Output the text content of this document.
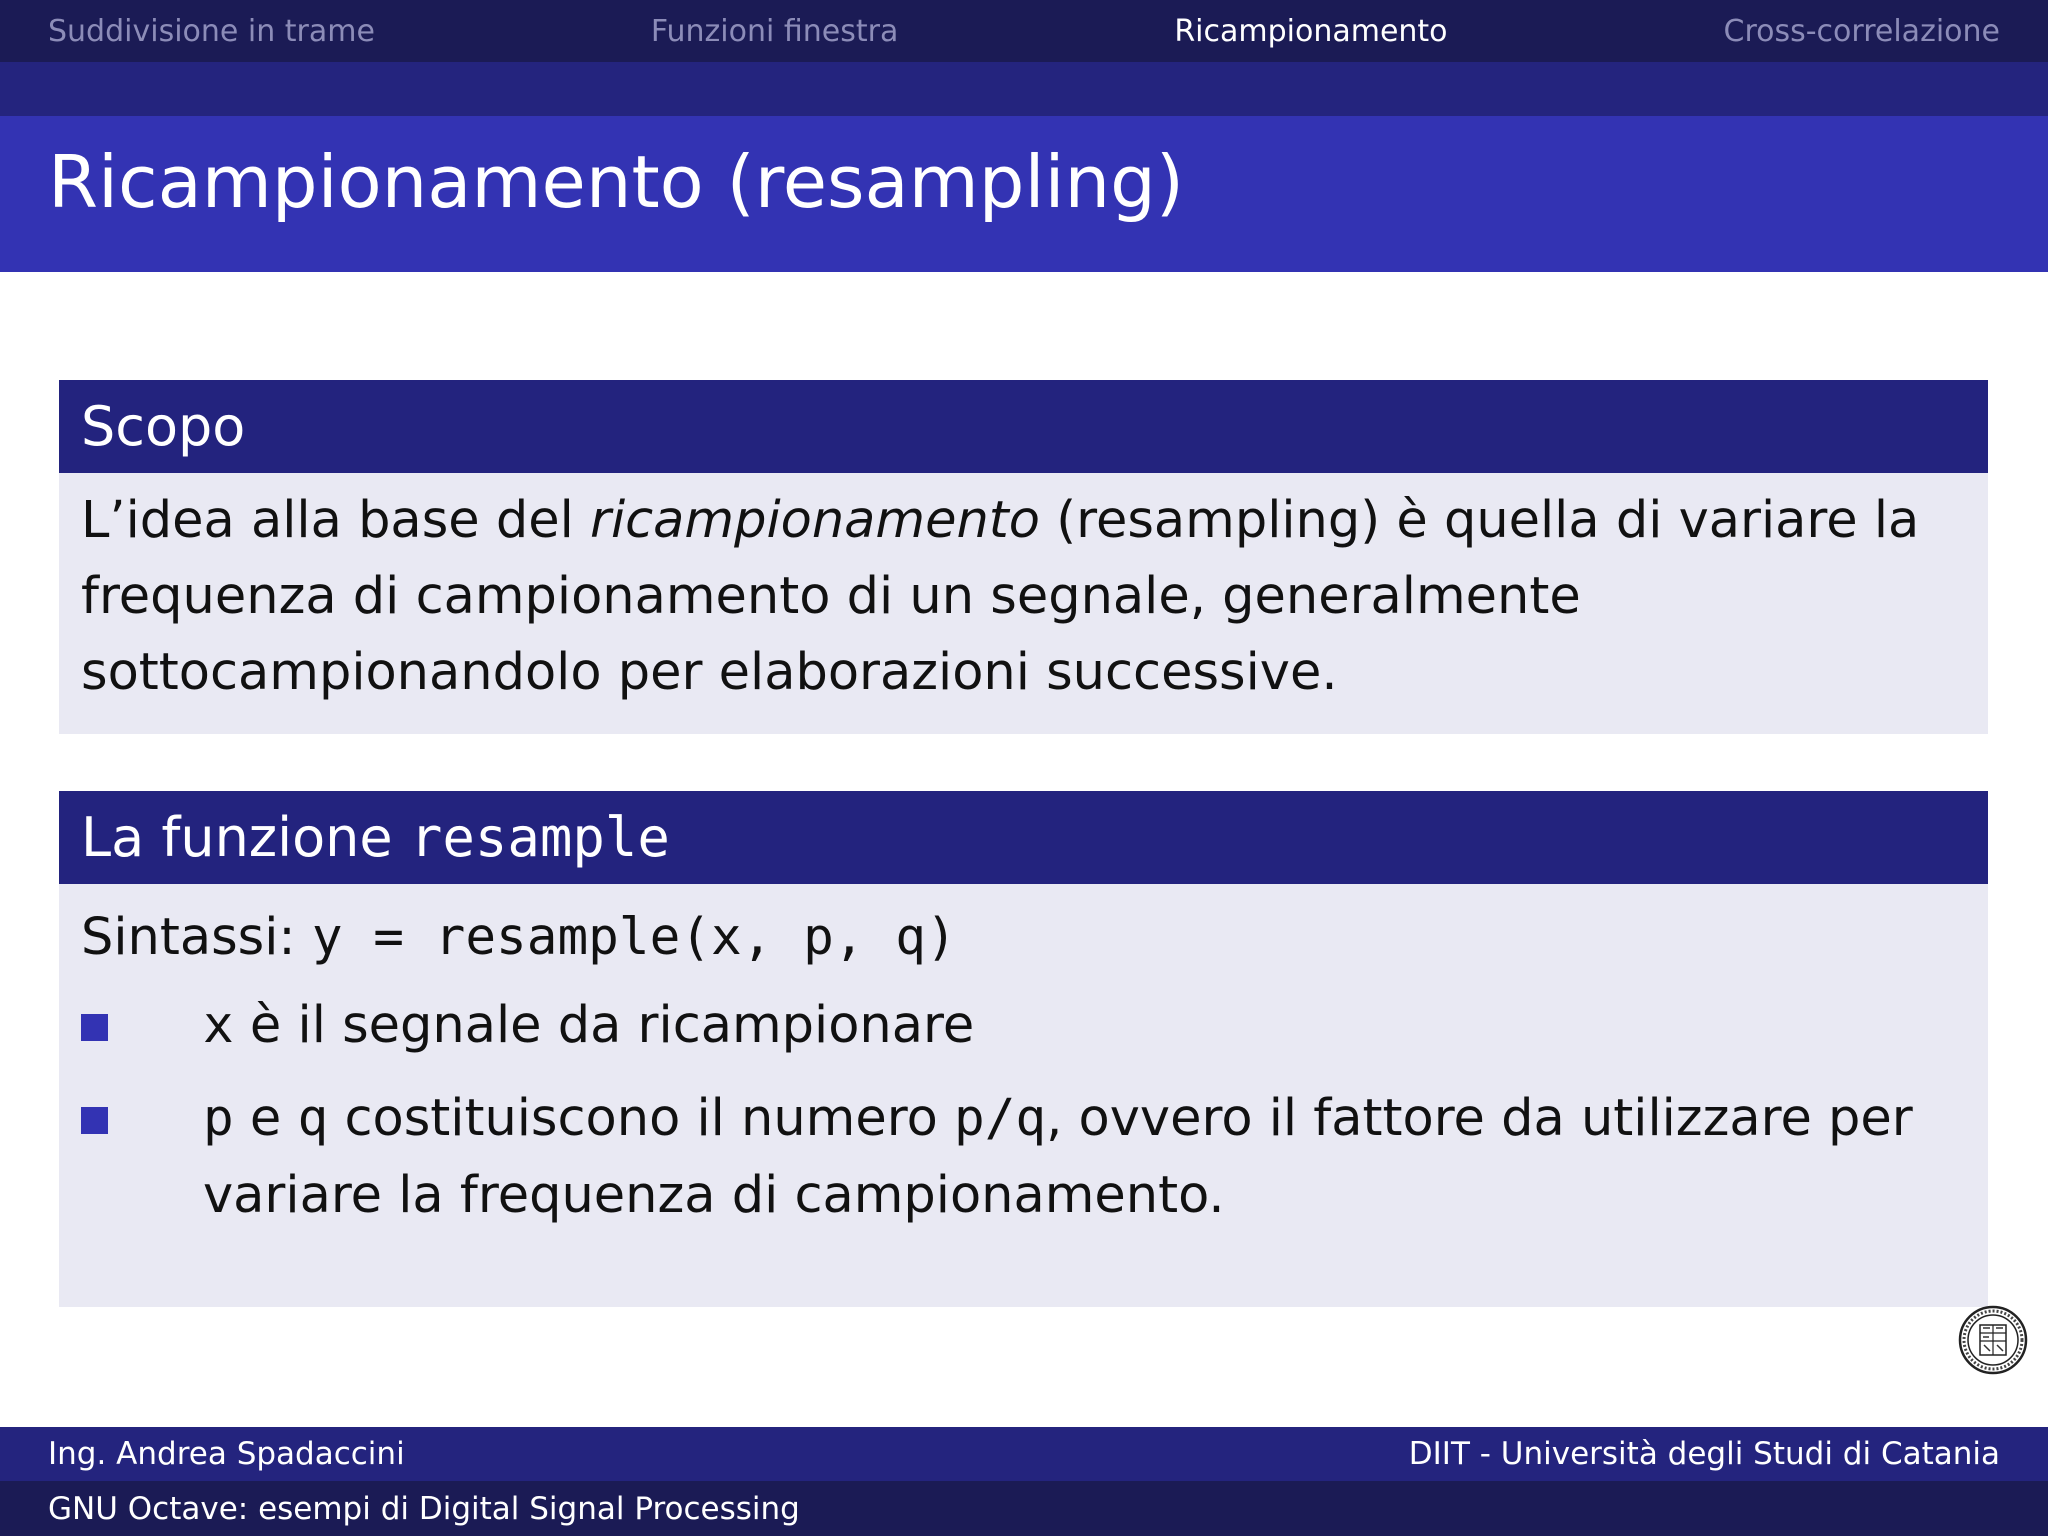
Suddivisione in trame	Funzioni finestra	Ricampionamento	Cross-correlazione
Ricampionamento (resampling)
Scopo

L’idea alla base del ricampionamento (resampling) è quella di variare la frequenza di campionamento di un segnale, generalmente sottocampionandolo per elaborazioni successive.

La funzione resample

Sintassi: y = resample(x, p, q)

x è il segnale da ricampionare
p e q costituiscono il numero p/q, ovvero il fattore da utilizzare per variare la frequenza di campionamento.
Ing. Andrea Spadaccini	DIIT - Università degli Studi di Catania
GNU Octave: esempi di Digital Signal Processing
